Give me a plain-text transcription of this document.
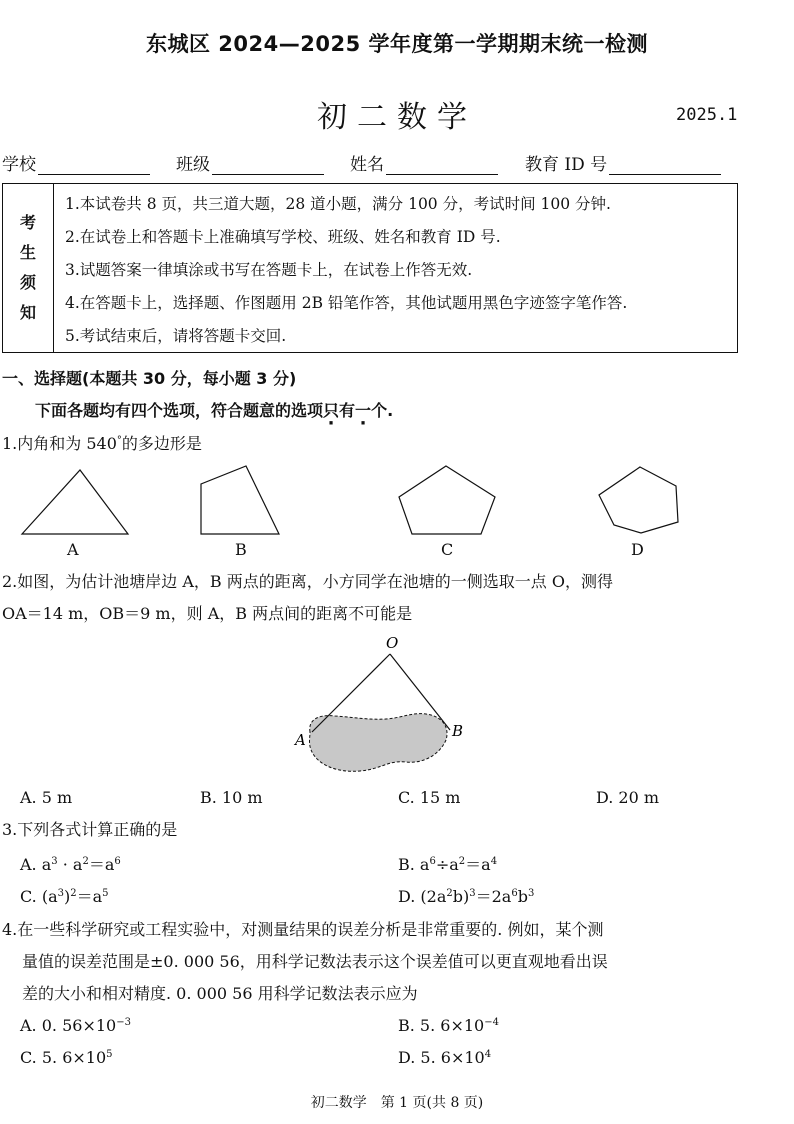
东城区 2024—2025 学年度第一学期期末统一检测
初二数学	2025.1
学校	班级	姓名	教育 ID 号
考
生
须
知
1.本试卷共 8 页，共三道大题，28 道小题，满分 100 分，考试时间 100 分钟.
2.在试卷上和答题卡上准确填写学校、班级、姓名和教育 ID 号.
3.试题答案一律填涂或书写在答题卡上，在试卷上作答无效.
4.在答题卡上，选择题、作图题用 2B 铅笔作答，其他试题用黑色字迹签字笔作答.
5.考试结束后，请将答题卡交回.
一、选择题(本题共 30 分，每小题 3 分)
下面各题均有四个选项，符合题意的选项只有一个.
1.内角和为 540°的多边形是
A	B	C	D
2.如图，为估计池塘岸边 A，B 两点的距离，小方同学在池塘的一侧选取一点 O，测得
OA＝14 m，OB＝9 m，则 A，B 两点间的距离不可能是
O
A	B
A. 5 m	B. 10 m	C. 15 m	D. 20 m
3.下列各式计算正确的是
A. $a^3 \cdot a^2=a^6$	B. $a^6\div a^2=a^4$
C. $(a^3)^2=a^5$	D. $(2a^2b)^3=2a^6b^3$
4.在一些科学研究或工程实验中，对测量结果的误差分析是非常重要的. 例如，某个测
量值的误差范围是±0. 000 56，用科学记数法表示这个误差值可以更直观地看出误
差的大小和相对精度. 0. 000 56 用科学记数法表示应为
A. 0. $56\times 10^{-3}$	B. 5. $6\times 10^{-4}$
C. 5. $6\times 10^5$	D. 5. $6\times 10^4$
初二数学　第 1 页(共 8 页)
